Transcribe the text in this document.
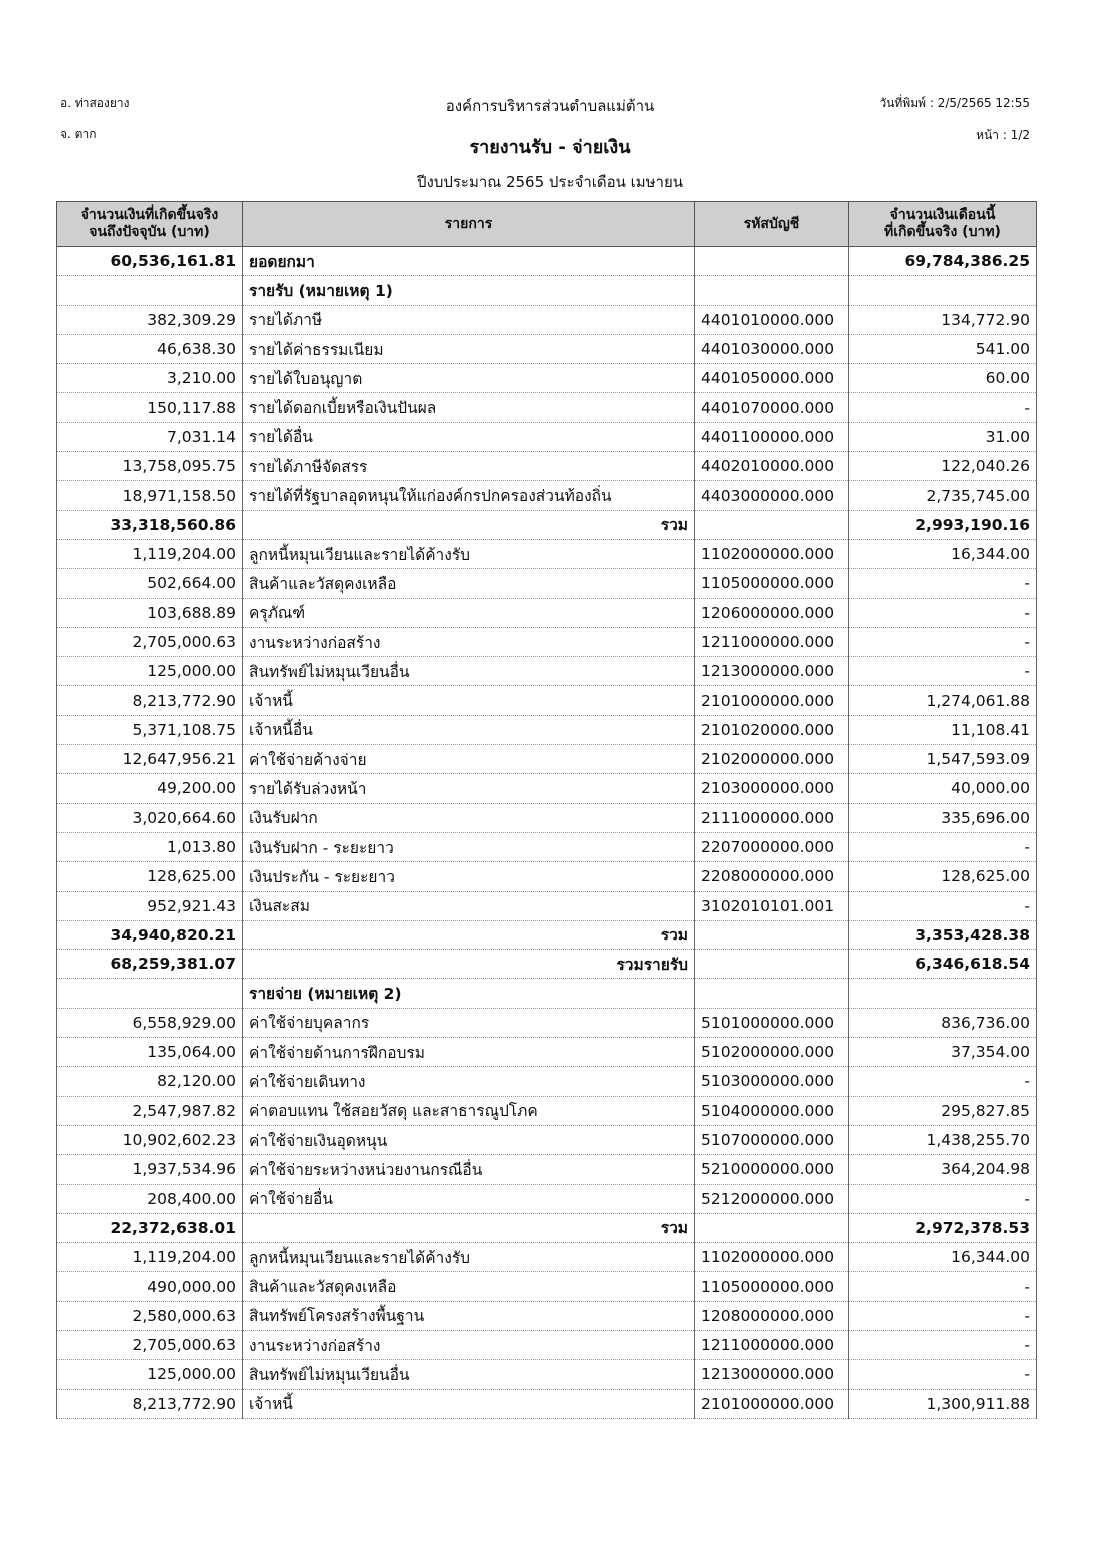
อ. ท่าสองยาง
จ. ตาก
องค์การบริหารส่วนตำบลแม่ต้าน	วันที่พิมพ์ : 2/5/2565 12:55
หน้า : 1/2
รายงานรับ - จ่ายเงิน
ปีงบประมาณ 2565 ประจำเดือน เมษายน
จำนวนเงินที่เกิดขึ้นจริง
จนถึงปัจจุบัน (บาท)	รายการ	รหัสบัญชี	จำนวนเงินเดือนนี้
ที่เกิดขึ้นจริง (บาท)
60,536,161.81	ยอดยกมา		69,784,386.25
	รายรับ (หมายเหตุ 1)		
382,309.29	รายได้ภาษี	4401010000.000	134,772.90
46,638.30	รายได้ค่าธรรมเนียม	4401030000.000	541.00
3,210.00	รายได้ใบอนุญาต	4401050000.000	60.00
150,117.88	รายได้ดอกเบี้ยหรือเงินปันผล	4401070000.000	-
7,031.14	รายได้อื่น	4401100000.000	31.00
13,758,095.75	รายได้ภาษีจัดสรร	4402010000.000	122,040.26
18,971,158.50	รายได้ที่รัฐบาลอุดหนุนให้แก่องค์กรปกครองส่วนท้องถิ่น	4403000000.000	2,735,745.00
33,318,560.86	รวม		2,993,190.16
1,119,204.00	ลูกหนี้หมุนเวียนและรายได้ค้างรับ	1102000000.000	16,344.00
502,664.00	สินค้าและวัสดุคงเหลือ	1105000000.000	-
103,688.89	ครุภัณฑ์	1206000000.000	-
2,705,000.63	งานระหว่างก่อสร้าง	1211000000.000	-
125,000.00	สินทรัพย์ไม่หมุนเวียนอื่น	1213000000.000	-
8,213,772.90	เจ้าหนี้	2101000000.000	1,274,061.88
5,371,108.75	เจ้าหนี้อื่น	2101020000.000	11,108.41
12,647,956.21	ค่าใช้จ่ายค้างจ่าย	2102000000.000	1,547,593.09
49,200.00	รายได้รับล่วงหน้า	2103000000.000	40,000.00
3,020,664.60	เงินรับฝาก	2111000000.000	335,696.00
1,013.80	เงินรับฝาก - ระยะยาว	2207000000.000	-
128,625.00	เงินประกัน - ระยะยาว	2208000000.000	128,625.00
952,921.43	เงินสะสม	3102010101.001	-
34,940,820.21	รวม		3,353,428.38
68,259,381.07	รวมรายรับ		6,346,618.54
	รายจ่าย (หมายเหตุ 2)		
6,558,929.00	ค่าใช้จ่ายบุคลากร	5101000000.000	836,736.00
135,064.00	ค่าใช้จ่ายด้านการฝึกอบรม	5102000000.000	37,354.00
82,120.00	ค่าใช้จ่ายเดินทาง	5103000000.000	-
2,547,987.82	ค่าตอบแทน ใช้สอยวัสดุ และสาธารณูปโภค	5104000000.000	295,827.85
10,902,602.23	ค่าใช้จ่ายเงินอุดหนุน	5107000000.000	1,438,255.70
1,937,534.96	ค่าใช้จ่ายระหว่างหน่วยงานกรณีอื่น	5210000000.000	364,204.98
208,400.00	ค่าใช้จ่ายอื่น	5212000000.000	-
22,372,638.01	รวม		2,972,378.53
1,119,204.00	ลูกหนี้หมุนเวียนและรายได้ค้างรับ	1102000000.000	16,344.00
490,000.00	สินค้าและวัสดุคงเหลือ	1105000000.000	-
2,580,000.63	สินทรัพย์โครงสร้างพื้นฐาน	1208000000.000	-
2,705,000.63	งานระหว่างก่อสร้าง	1211000000.000	-
125,000.00	สินทรัพย์ไม่หมุนเวียนอื่น	1213000000.000	-
8,213,772.90	เจ้าหนี้	2101000000.000	1,300,911.88
